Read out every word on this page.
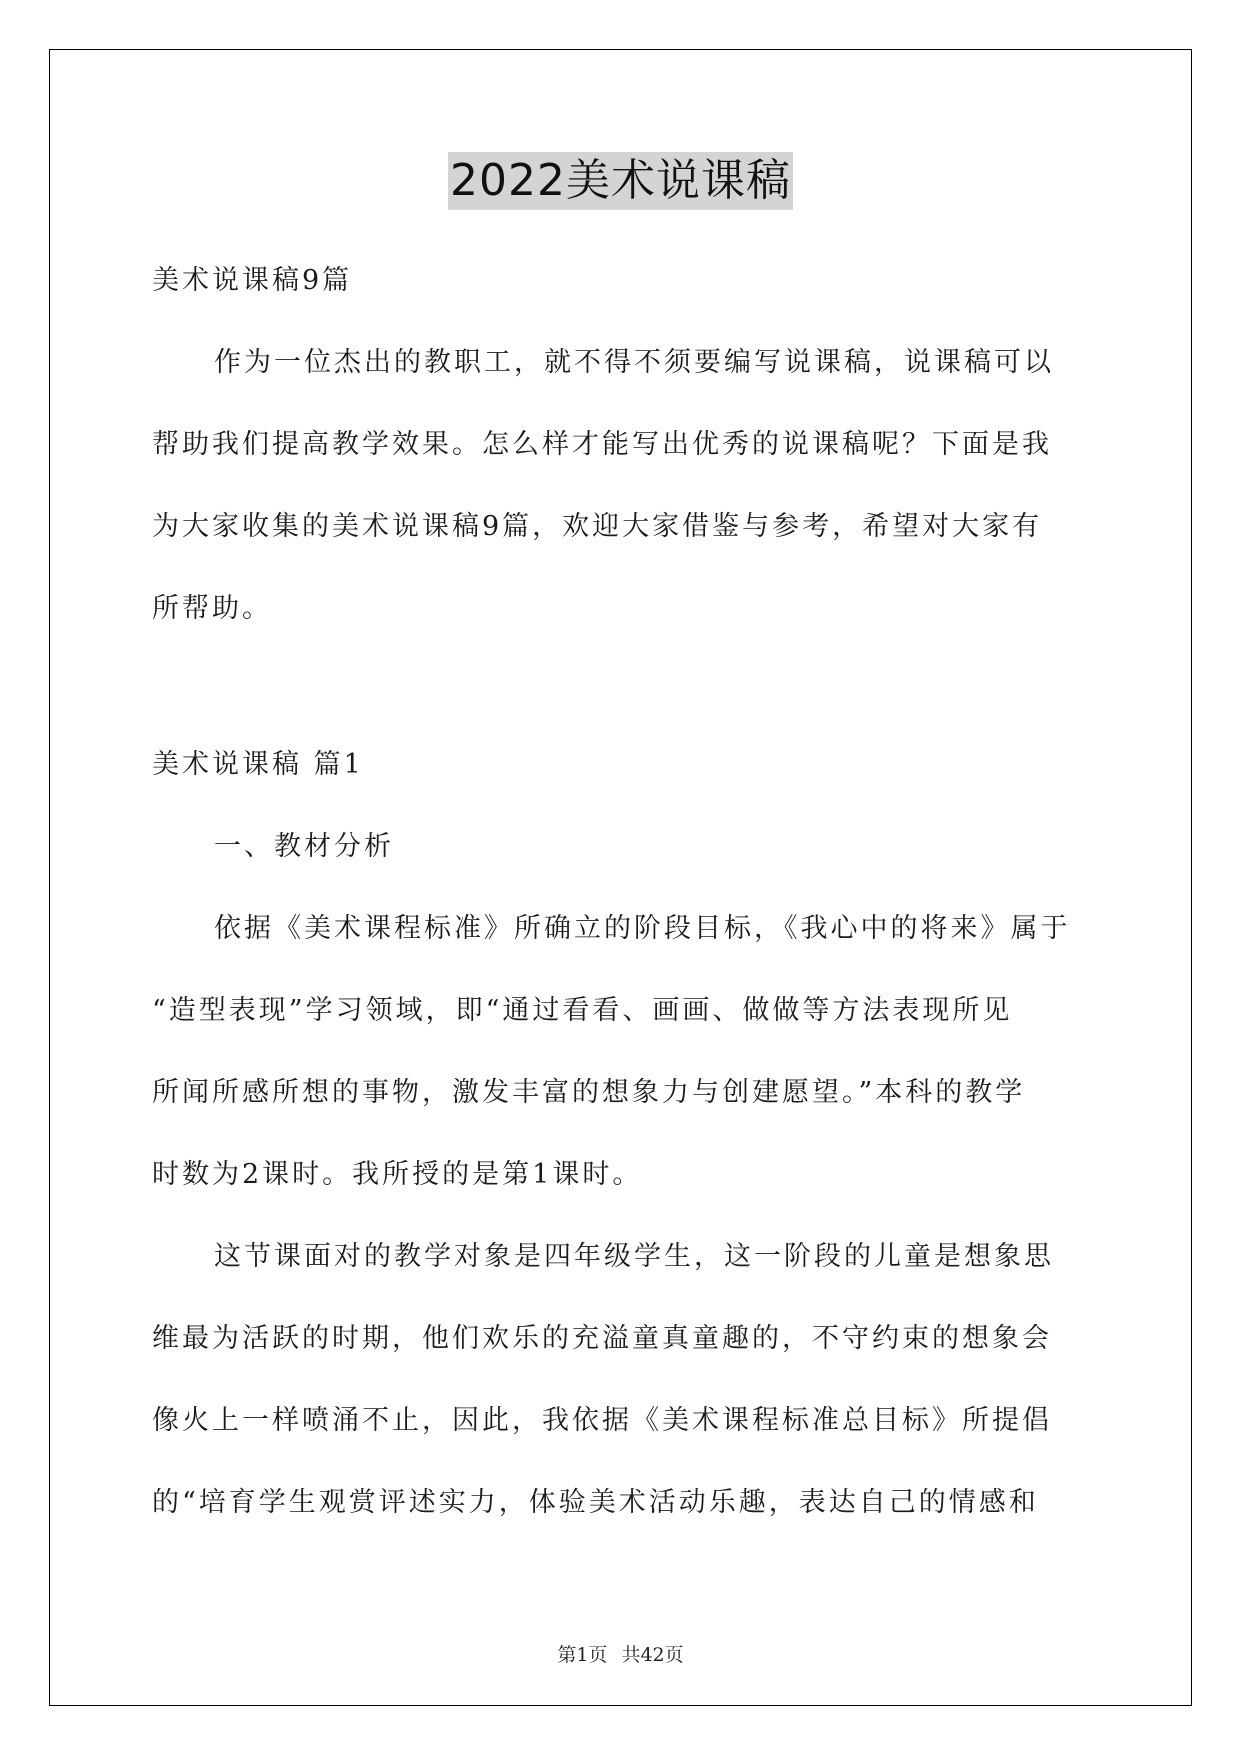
2022美术说课稿
美术说课稿9篇
作为一位杰出的教职工，就不得不须要编写说课稿，说课稿可以
帮助我们提高教学效果。怎么样才能写出优秀的说课稿呢？下面是我
为大家收集的美术说课稿9篇，欢迎大家借鉴与参考，希望对大家有
所帮助。
美术说课稿 篇1
一、教材分析
依据《美术课程标准》所确立的阶段目标，《我心中的将来》属于
“造型表现”学习领域，即“通过看看、画画、做做等方法表现所见
所闻所感所想的事物，激发丰富的想象力与创建愿望。”本科的教学
时数为2课时。我所授的是第1课时。
这节课面对的教学对象是四年级学生，这一阶段的儿童是想象思
维最为活跃的时期，他们欢乐的充溢童真童趣的，不守约束的想象会
像火上一样喷涌不止，因此，我依据《美术课程标准总目标》所提倡
的“培育学生观赏评述实力，体验美术活动乐趣，表达自己的情感和
第1页 共42页
